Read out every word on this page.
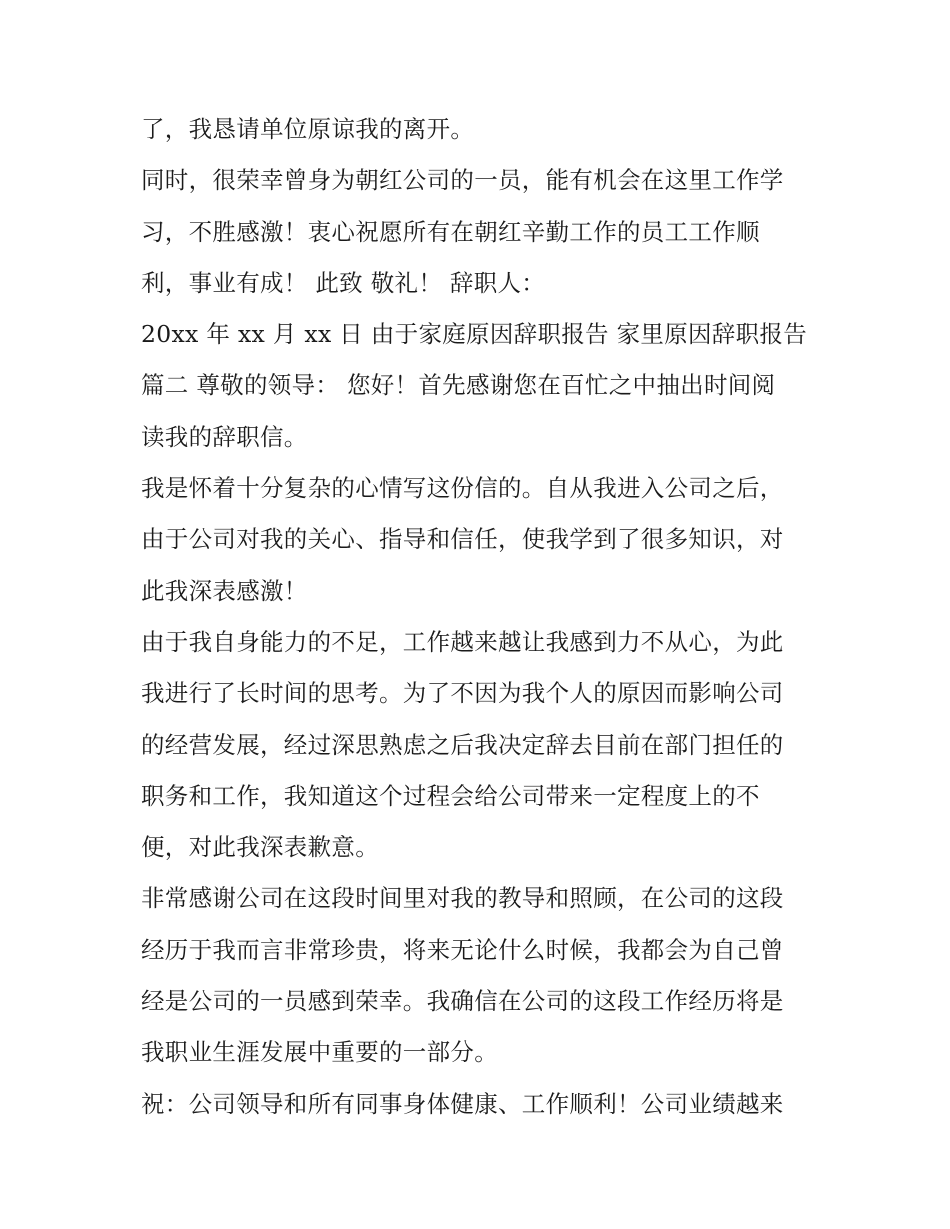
了，我恳请单位原谅我的离开。
同时，很荣幸曾身为朝红公司的一员，能有机会在这里工作学
习，不胜感激！衷心祝愿所有在朝红辛勤工作的员工工作顺
利，事业有成！ 此致 敬礼！ 辞职人：
20xx 年 xx 月 xx 日 由于家庭原因辞职报告 家里原因辞职报告
篇二 尊敬的领导： 您好！首先感谢您在百忙之中抽出时间阅
读我的辞职信。
我是怀着十分复杂的心情写这份信的。自从我进入公司之后，
由于公司对我的关心、指导和信任，使我学到了很多知识，对
此我深表感激！
由于我自身能力的不足，工作越来越让我感到力不从心，为此
我进行了长时间的思考。为了不因为我个人的原因而影响公司
的经营发展，经过深思熟虑之后我决定辞去目前在部门担任的
职务和工作，我知道这个过程会给公司带来一定程度上的不
便，对此我深表歉意。
非常感谢公司在这段时间里对我的教导和照顾，在公司的这段
经历于我而言非常珍贵，将来无论什么时候，我都会为自己曾
经是公司的一员感到荣幸。我确信在公司的这段工作经历将是
我职业生涯发展中重要的一部分。
祝：公司领导和所有同事身体健康、工作顺利！公司业绩越来
